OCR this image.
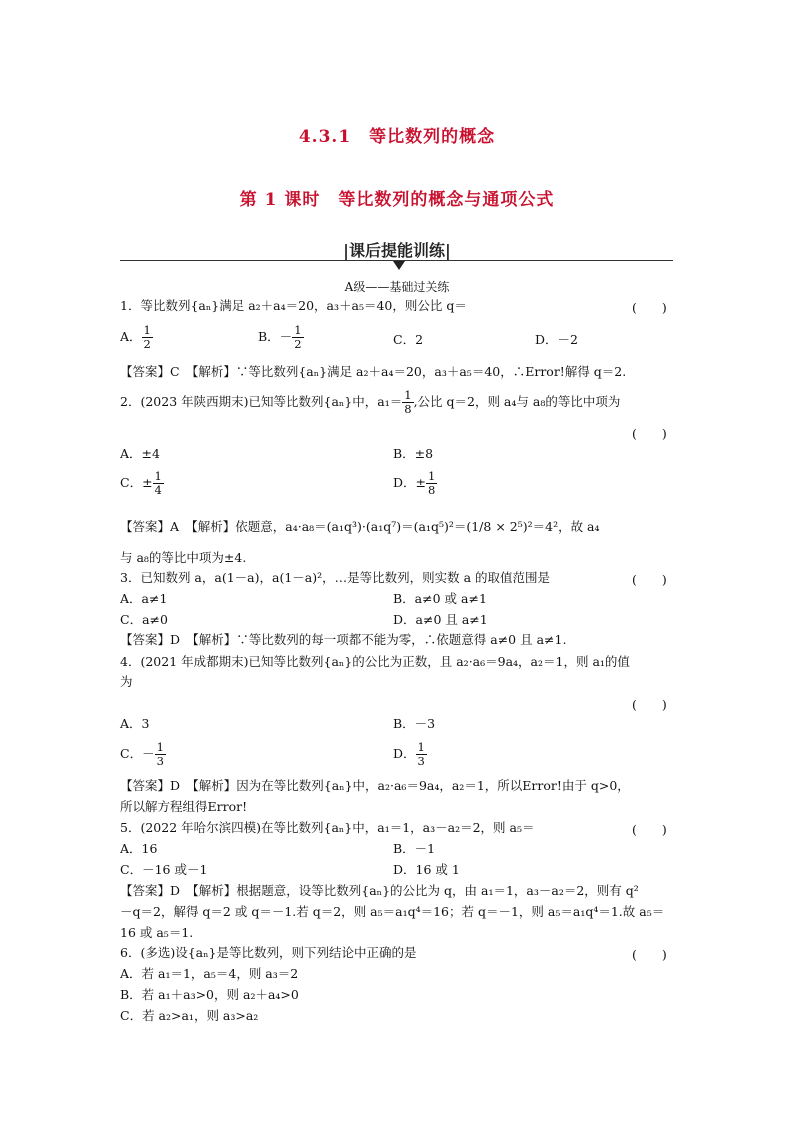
4.3.1　等比数列的概念
第 1 课时　等比数列的概念与通项公式
|课后提能训练|
A级——基础过关练
1．等比数列{aₙ}满足 a₂＋a₄＝20，a₃＋a₅＝40，则公比 q＝	(　　)
A． $\frac{1}{2}$	B．－ $\frac{1}{2}$	C．2	D．－2
【答案】C　【解析】∵等比数列{aₙ}满足 a₂＋a₄＝20，a₃＋a₅＝40，∴Error!解得 q＝2.
2．(2023 年陕西期末)已知等比数列{aₙ}中，$a_1= \frac{1}{8}$ ,公比 q＝2，则 a₄与 a₈的等比中项为
(　　)
A．±4	B．±8
C．± $\frac{1}{4}$	D．± $\frac{1}{8}$
【答案】A　【解析】依题意，a₄·a₈＝(a₁q³)·(a₁q⁷)＝(a₁q⁵)²＝(1/8 × 2⁵)²＝4²，故 a₄
与 a₈的等比中项为±4.
3．已知数列 a，a(1－a)，a(1－a)²，…是等比数列，则实数 a 的取值范围是	(　　)
A．a≠1	B．a≠0 或 a≠1
C．a≠0	D．a≠0 且 a≠1
【答案】D　【解析】∵等比数列的每一项都不能为零，∴依题意得 a≠0 且 a≠1.
4．(2021 年成都期末)已知等比数列{aₙ}的公比为正数，且 a₂·a₆＝9a₄，a₂＝1，则 a₁的值
为
(　　)
A．3	B．－3
C．－ $\frac{1}{3}$	D． $\frac{1}{3}$
【答案】D　【解析】因为在等比数列{aₙ}中，a₂·a₆＝9a₄，a₂＝1，所以Error!由于 q>0，
所以解方程组得Error!
5．(2022 年哈尔滨四模)在等比数列{aₙ}中，a₁＝1，a₃－a₂＝2，则 a₅＝	(　　)
A．16	B．－1
C．－16 或－1	D．16 或 1
【答案】D　【解析】根据题意，设等比数列{aₙ}的公比为 q，由 a₁＝1，a₃－a₂＝2，则有 q²
－q＝2，解得 q＝2 或 q＝－1.若 q＝2，则 a₅＝a₁q⁴＝16；若 q＝－1，则 a₅＝a₁q⁴＝1.故 a₅＝
16 或 a₅＝1.
6．(多选)设{aₙ}是等比数列，则下列结论中正确的是	(　　)
A．若 a₁＝1，a₅＝4，则 a₃＝2
B．若 a₁＋a₃>0，则 a₂＋a₄>0
C．若 a₂>a₁，则 a₃>a₂
